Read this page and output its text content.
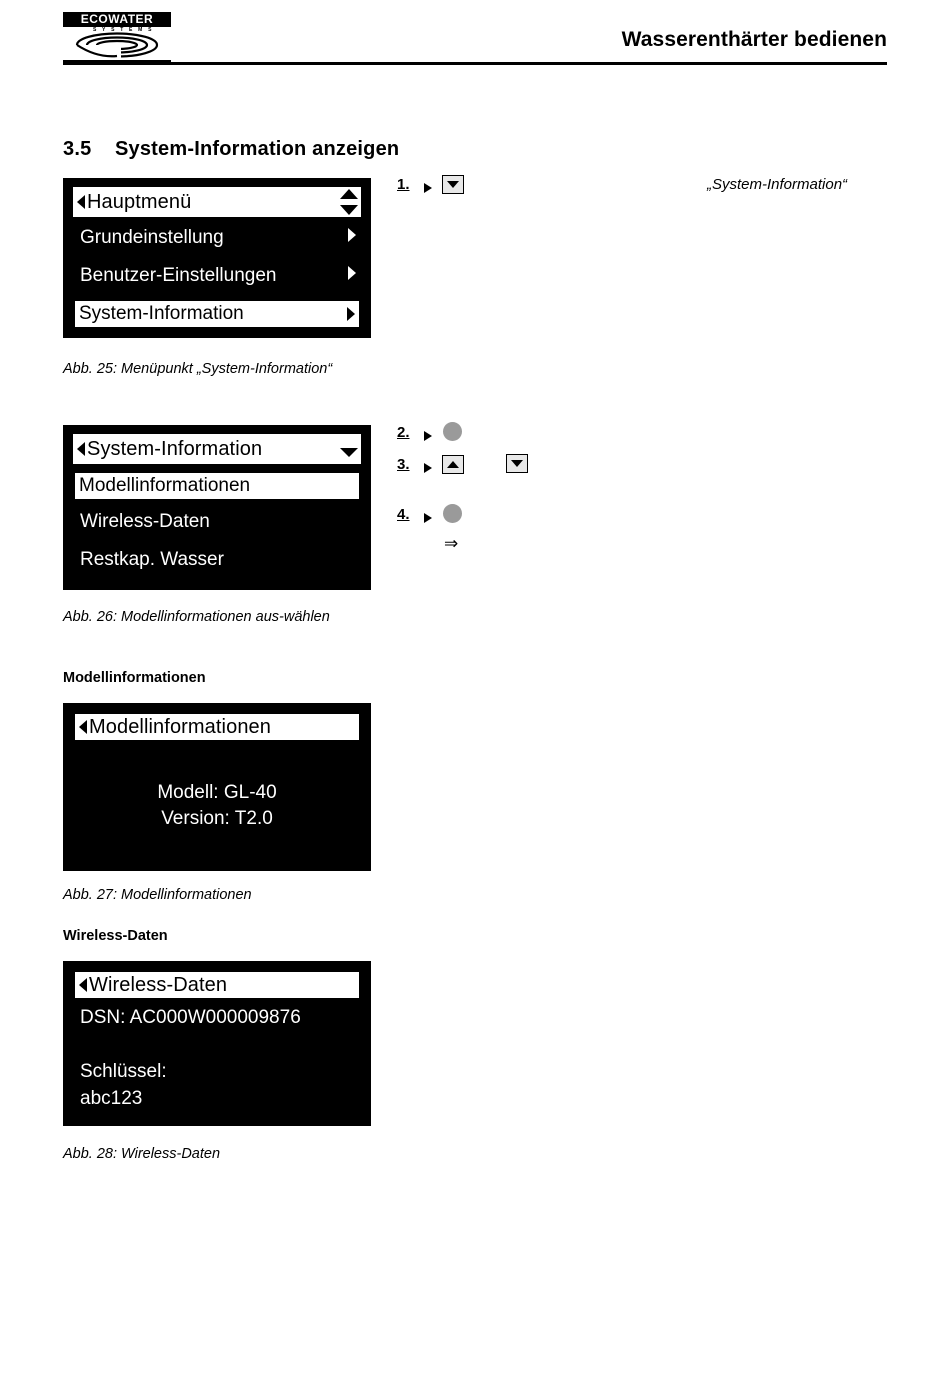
ECOWATER
S Y S T E M S	Wasserenthärter bedienen
3.5 System-Information anzeigen
Hauptmenü
Grundeinstellung
Benutzer-Einstellungen
System-Information
Abb. 25: Menüpunkt „System-Information“
1.	„System-Information“
System-Information
Modellinformationen
Wireless-Daten
Restkap. Wasser
Abb. 26: Modellinformationen aus-wählen
2.
3.
4.
⇒
Modellinformationen
Modellinformationen
Modell: GL-40
Version: T2.0
Abb. 27: Modellinformationen
Wireless-Daten
Wireless-Daten
DSN: AC000W000009876
Schlüssel:
abc123
Abb. 28: Wireless-Daten
